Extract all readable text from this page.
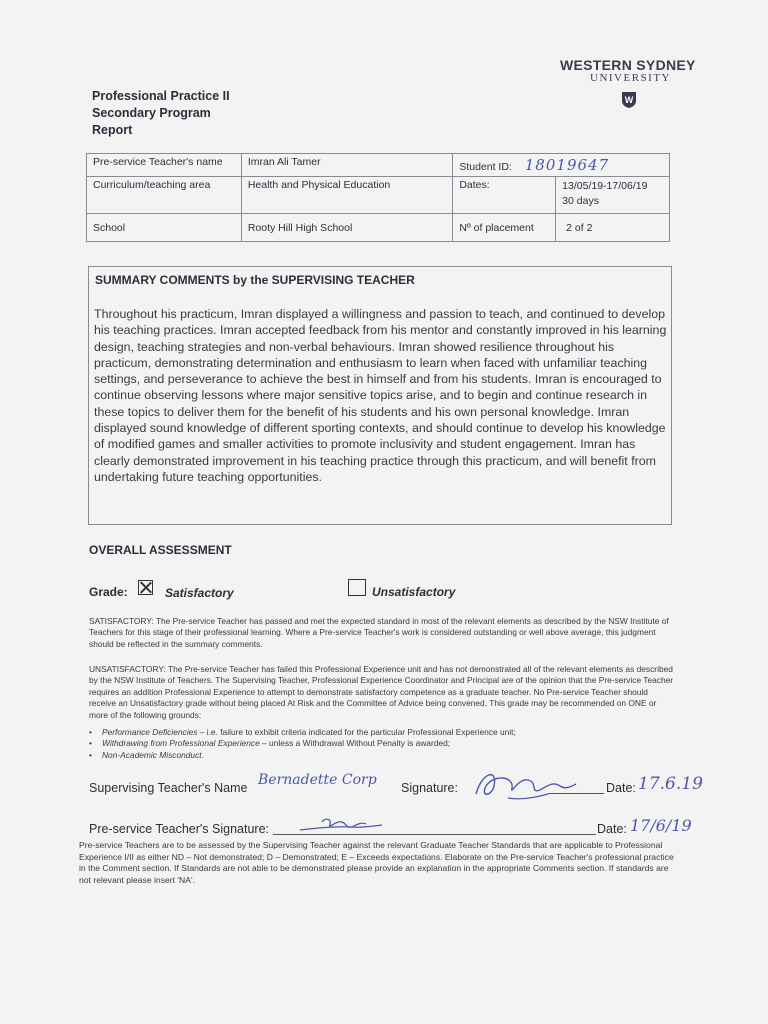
WESTERN SYDNEY
UNIVERSITY
W
Professional Practice II
Secondary Program
Report
Pre-service Teacher's name	Imran Ali Tamer	Student ID: 18019647	
Curriculum/teaching area	Health and Physical Education	Dates:	13/05/19-17/06/19
30 days

School	Rooty Hill High School	Nº of placement	2 of 2
SUMMARY COMMENTS by the SUPERVISING TEACHER
Throughout his practicum, Imran displayed a willingness and passion to teach, and continued to develop his teaching practices. Imran accepted feedback from his mentor and constantly improved in his learning design, teaching strategies and non-verbal behaviours. Imran showed resilience throughout his practicum, demonstrating determination and enthusiasm to learn when faced with unfamiliar teaching settings, and perseverance to achieve the best in himself and from his students. Imran is encouraged to continue observing lessons where major sensitive topics arise, and to begin and continue research in these topics to deliver them for the benefit of his students and his own personal knowledge. Imran displayed sound knowledge of different sporting contexts, and should continue to develop his knowledge of modified games and smaller activities to promote inclusivity and student engagement. Imran has clearly demonstrated improvement in his teaching practice through this practicum, and will benefit from undertaking future teaching opportunities.
OVERALL ASSESSMENT
Grade:	Satisfactory	Unsatisfactory
SATISFACTORY: The Pre-service Teacher has passed and met the expected standard in most of the relevant elements as described by the NSW Institute of Teachers for this stage of their professional learning. Where a Pre-service Teacher's work is considered outstanding or well above average, this judgment should be reflected in the summary comments.
UNSATISFACTORY: The Pre-service Teacher has failed this Professional Experience unit and has not demonstrated all of the relevant elements as described by the NSW Institute of Teachers. The Supervising Teacher, Professional Experience Coordinator and Principal are of the opinion that the Pre-service Teacher requires an addition Professional Experience to attempt to demonstrate satisfactory competence as a graduate teacher. No Pre-service Teacher should receive an Unsatisfactory grade without being placed At Risk and the Committee of Advice being convened. This grade may be recommended on ONE or more of the following grounds:
• Performance Deficiencies – i.e. failure to exhibit criteria indicated for the particular Professional Experience unit;
• Withdrawing from Professional Experience – unless a Withdrawal Without Penalty is awarded;
• Non-Academic Misconduct.
Supervising Teacher's Name Bernadette Corp Signature:	Date: 17.6.19
Pre-service Teacher's Signature:	Date: 17/6/19
Pre-service Teachers are to be assessed by the Supervising Teacher against the relevant Graduate Teacher Standards that are applicable to Professional Experience I/II as either ND – Not demonstrated; D – Demonstrated; E – Exceeds expectations. Elaborate on the Pre-service Teacher's professional practice in the Comment section. If Standards are not able to be demonstrated please provide an explanation in the appropriate Comments section. If standards are not relevant please insert 'NA'.
